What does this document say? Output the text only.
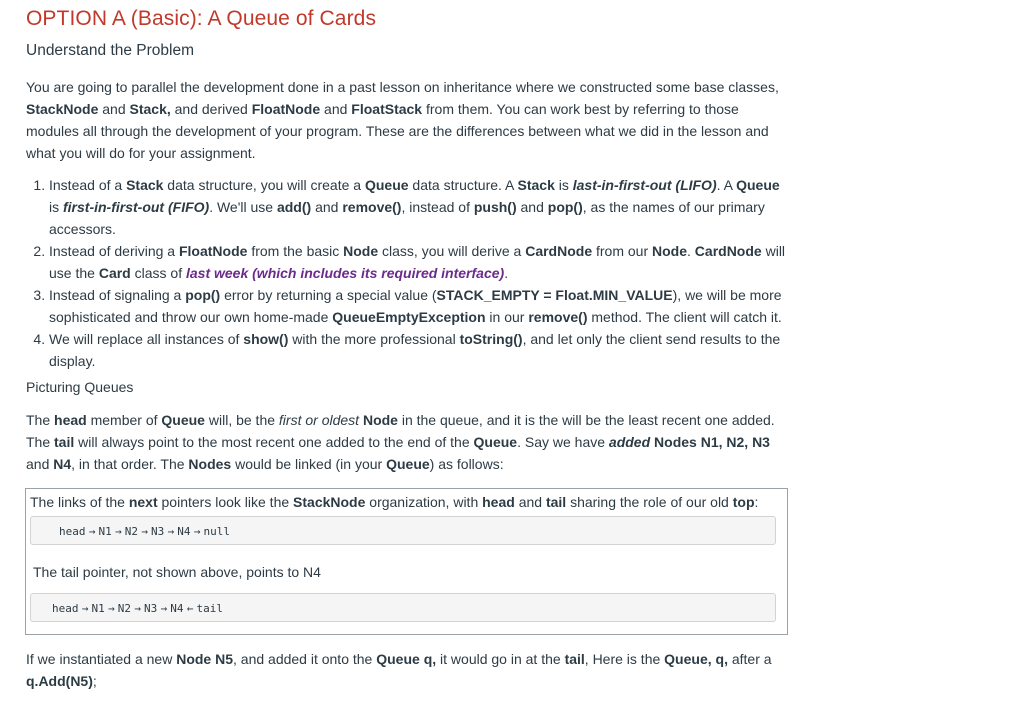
OPTION A (Basic): A Queue of Cards
Understand the Problem

You are going to parallel the development done in a past lesson on inheritance where we constructed some base classes, StackNode and Stack, and derived FloatNode and FloatStack from them. You can work best by referring to those modules all through the development of your program. These are the differences between what we did in the lesson and what you will do for your assignment.

1. Instead of a Stack data structure, you will create a Queue data structure. A Stack is last-in-first-out (LIFO). A Queue is first-in-first-out (FIFO). We'll use add() and remove(), instead of push() and pop(), as the names of our primary accessors.
2. Instead of deriving a FloatNode from the basic Node class, you will derive a CardNode from our Node. CardNode will use the Card class of last week (which includes its required interface).
3. Instead of signaling a pop() error by returning a special value (STACK_EMPTY = Float.MIN_VALUE), we will be more sophisticated and throw our own home-made QueueEmptyException in our remove() method. The client will catch it.
4. We will replace all instances of show() with the more professional toString(), and let only the client send results to the display.

Picturing Queues

The head member of Queue will, be the first or oldest Node in the queue, and it is the will be the least recent one added. The tail will always point to the most recent one added to the end of the Queue. Say we have added Nodes N1, N2, N3 and N4, in that order. The Nodes would be linked (in your Queue) as follows:

The links of the next pointers look like the StackNode organization, with head and tail sharing the role of our old top:

head → N1 → N2 → N3 → N4 → null

The tail pointer, not shown above, points to N4

head → N1 → N2 → N3 → N4 ← tail

If we instantiated a new Node N5, and added it onto the Queue q, it would go in at the tail, Here is the Queue, q, after a q.Add(N5);
